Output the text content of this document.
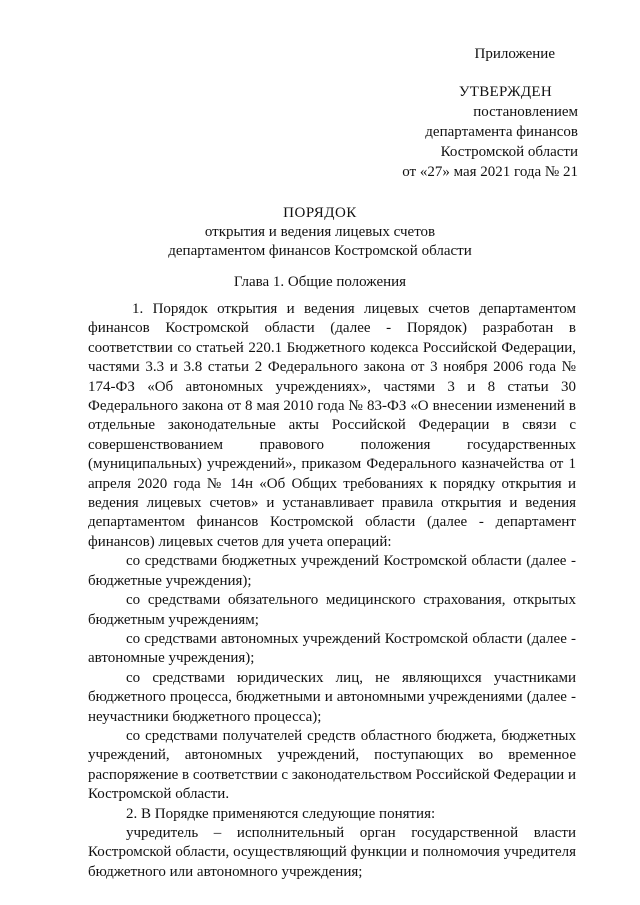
Приложение
УТВЕРЖДЕН
постановлением
департамента финансов
Костромской области
от «27» мая 2021 года № 21
ПОРЯДОК
открытия и ведения лицевых счетов
департаментом финансов Костромской области
Глава 1. Общие положения

1. Порядок открытия и ведения лицевых счетов департаментом финансов Костромской области (далее - Порядок) разработан в соответствии со статьей 220.1 Бюджетного кодекса Российской Федерации, частями 3.3 и 3.8 статьи 2 Федерального закона от 3 ноября 2006 года № 174-ФЗ «Об автономных учреждениях», частями 3 и 8 статьи 30 Федерального закона от 8 мая 2010 года № 83-ФЗ «О внесении изменений в отдельные законодательные акты Российской Федерации в связи с совершенствованием правового положения государственных (муниципальных) учреждений», приказом Федерального казначейства от 1 апреля 2020 года № 14н «Об Общих требованиях к порядку открытия и ведения лицевых счетов» и устанавливает правила открытия и ведения департаментом финансов Костромской области (далее - департамент финансов) лицевых счетов для учета операций:

со средствами бюджетных учреждений Костромской области (далее - бюджетные учреждения);

со средствами обязательного медицинского страхования, открытых бюджетным учреждениям;

со средствами автономных учреждений Костромской области (далее - автономные учреждения);

со средствами юридических лиц, не являющихся участниками бюджетного процесса, бюджетными и автономными учреждениями (далее - неучастники бюджетного процесса);

со средствами получателей средств областного бюджета, бюджетных учреждений, автономных учреждений, поступающих во временное распоряжение в соответствии с законодательством Российской Федерации и Костромской области.

2. В Порядке применяются следующие понятия:

учредитель – исполнительный орган государственной власти Костромской области, осуществляющий функции и полномочия учредителя бюджетного или автономного учреждения;
